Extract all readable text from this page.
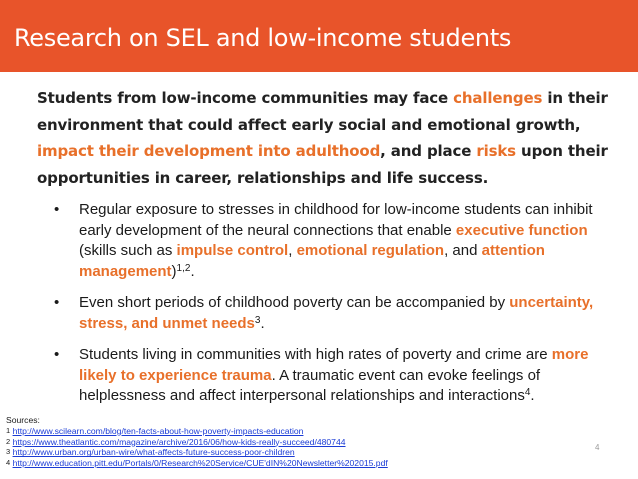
Research on SEL and low-income students
Students from low-income communities may face challenges in their environment that could affect early social and emotional growth, impact their development into adulthood, and place risks upon their opportunities in career, relationships and life success.
• Regular exposure to stresses in childhood for low-income students can inhibit early development of the neural connections that enable executive function (skills such as impulse control, emotional regulation, and attention management)$^{1,2}$.
• Even short periods of childhood poverty can be accompanied by uncertainty, stress, and unmet needs$^3$.
• Students living in communities with high rates of poverty and crime are more likely to experience trauma. A traumatic event can evoke feelings of helplessness and affect interpersonal relationships and interactions$^4$.
Sources:
1 http://www.scilearn.com/blog/ten-facts-about-how-poverty-impacts-education
2 https://www.theatlantic.com/magazine/archive/2016/06/how-kids-really-succeed/480744
3 http://www.urban.org/urban-wire/what-affects-future-success-poor-children
4 http://www.education.pitt.edu/Portals/0/Research%20Service/CUE'dIN%20Newsletter%202015.pdf
4
